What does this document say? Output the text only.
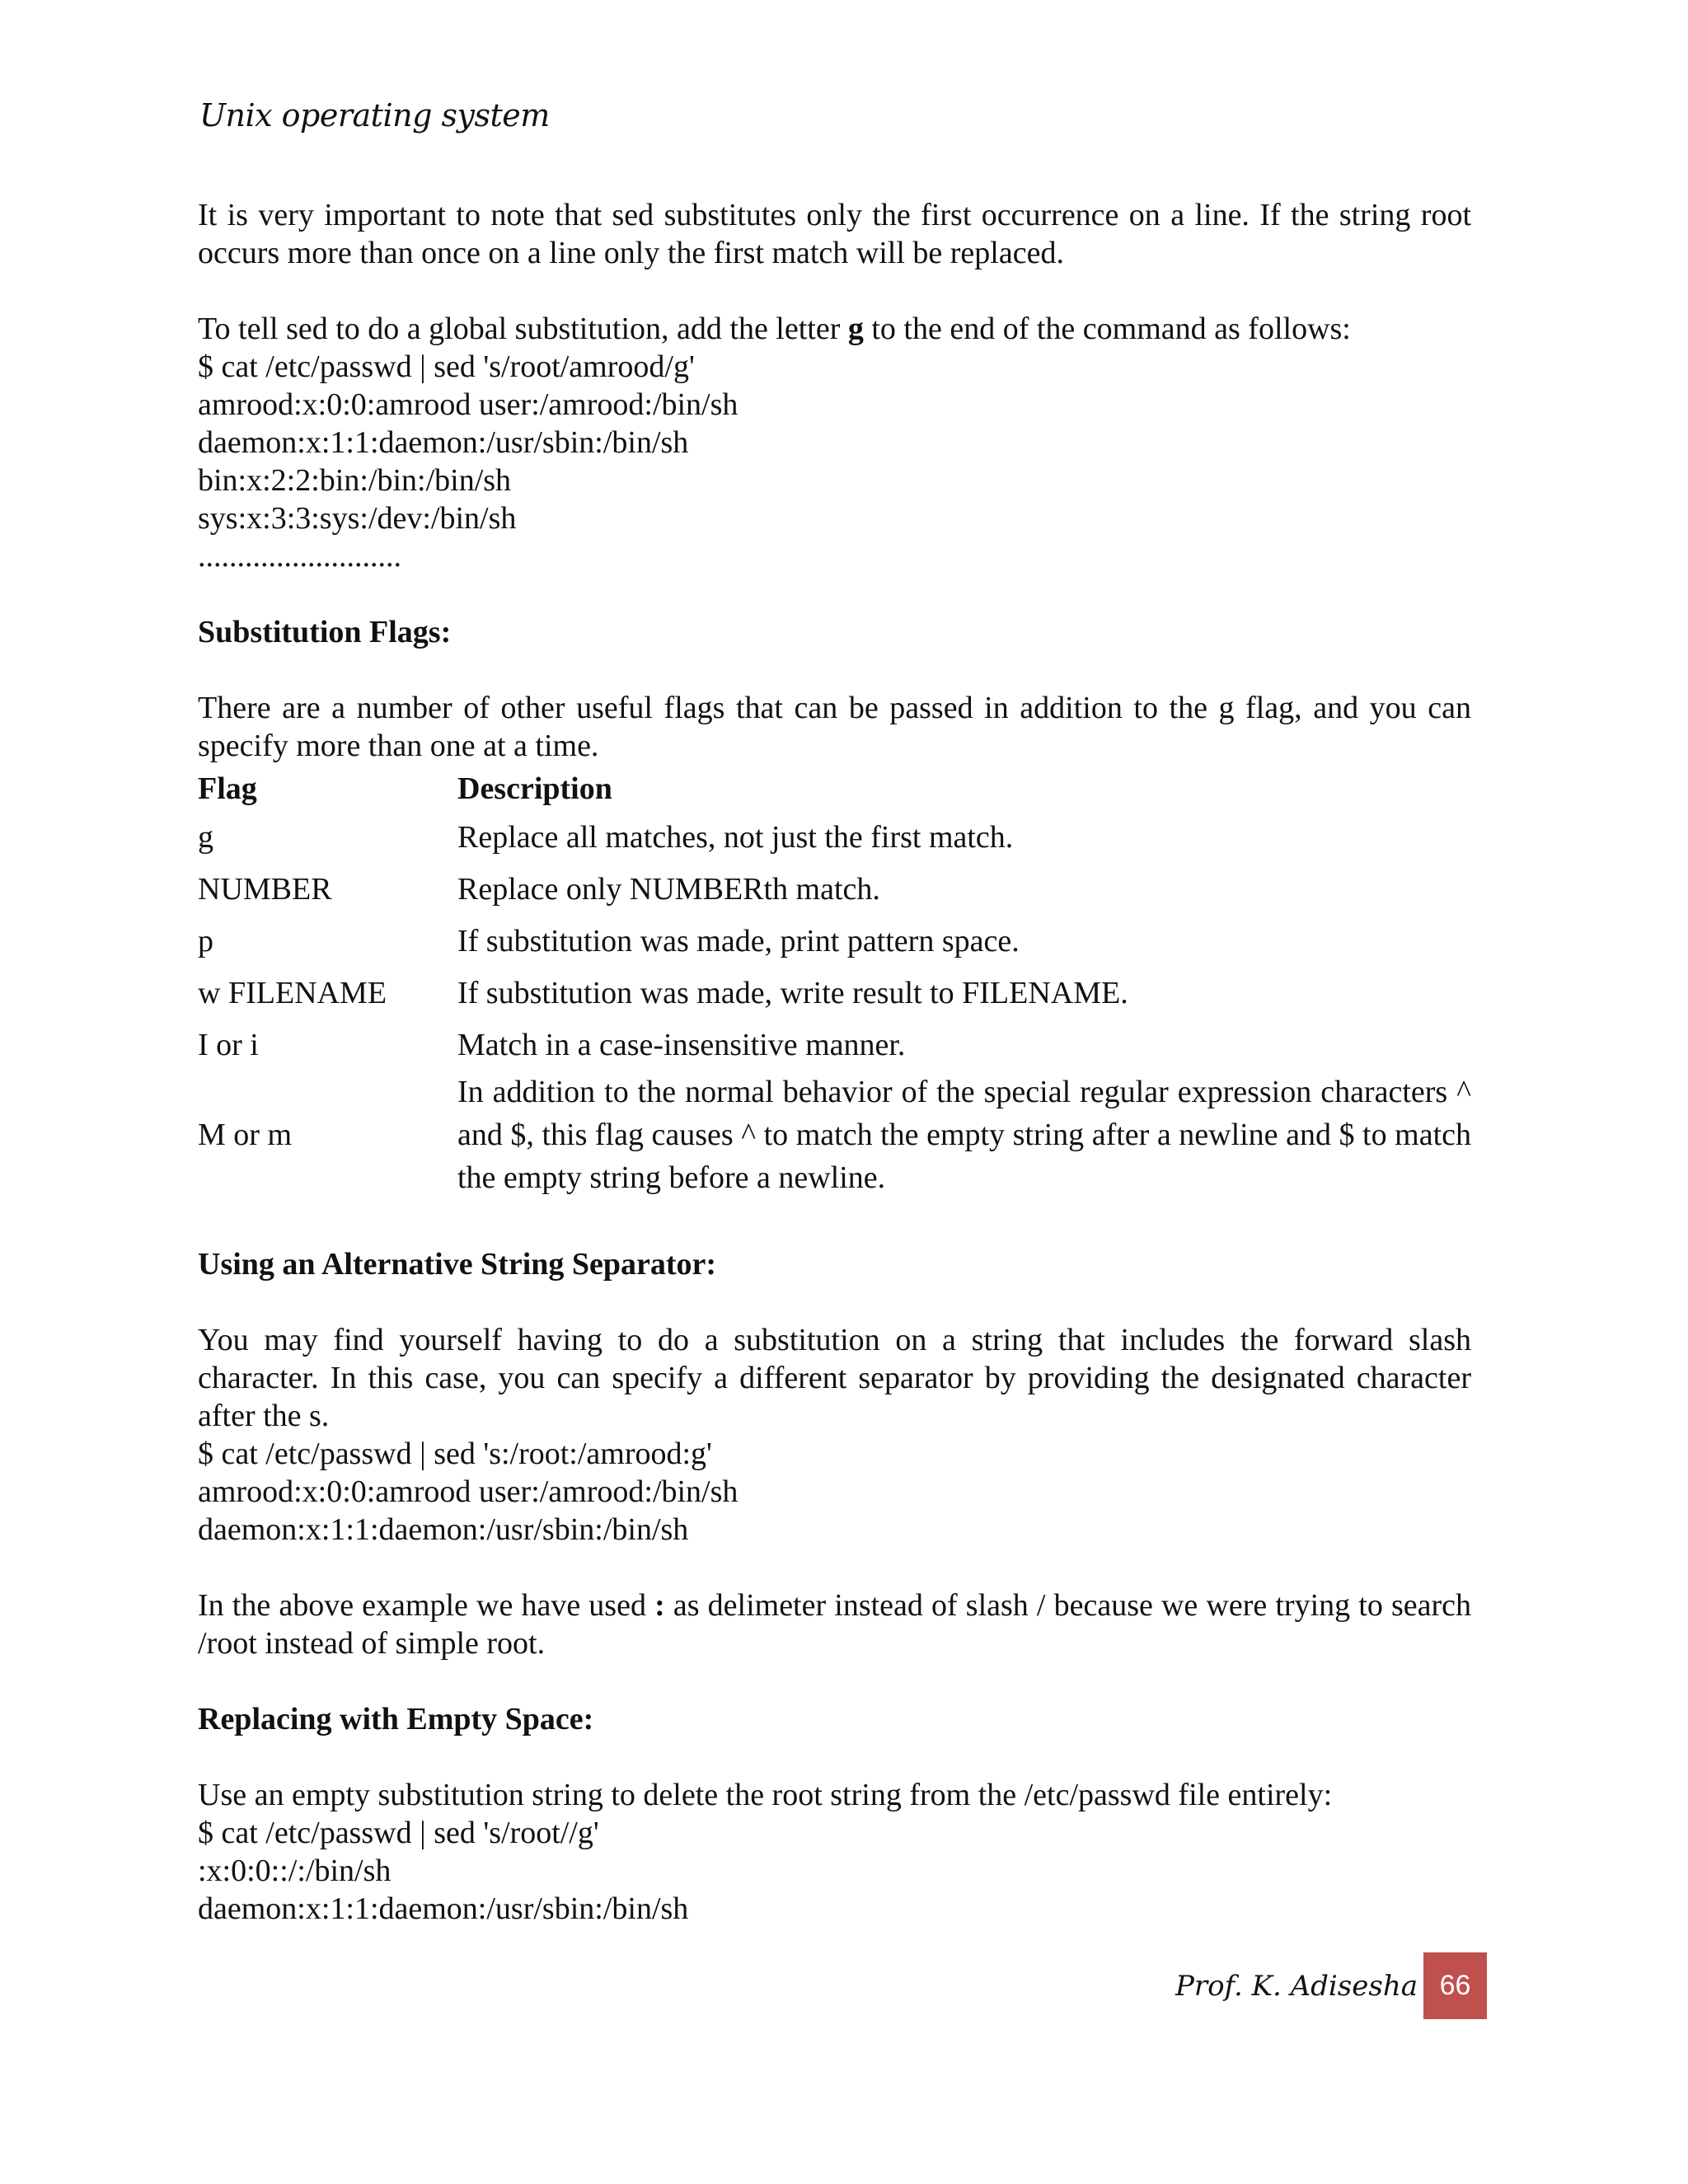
Unix operating system

It is very important to note that sed substitutes only the first occurrence on a line. If the string root occurs more than once on a line only the first match will be replaced.

To tell sed to do a global substitution, add the letter g to the end of the command as follows:

$ cat /etc/passwd | sed 's/root/amrood/g'
amrood:x:0:0:amrood user:/amrood:/bin/sh
daemon:x:1:1:daemon:/usr/sbin:/bin/sh
bin:x:2:2:bin:/bin:/bin/sh
sys:x:3:3:sys:/dev:/bin/sh
..........................
Substitution Flags:

There are a number of other useful flags that can be passed in addition to the g flag, and you can specify more than one at a time.

Flag	Description
g	Replace all matches, not just the first match.
NUMBER	Replace only NUMBERth match.
p	If substitution was made, print pattern space.
w FILENAME	If substitution was made, write result to FILENAME.
I or i	Match in a case-insensitive manner.
M or m	In addition to the normal behavior of the special regular expression characters ^ and $, this flag causes ^ to match the empty string after a newline and $ to match the empty string before a newline.
Using an Alternative String Separator:

You may find yourself having to do a substitution on a string that includes the forward slash character. In this case, you can specify a different separator by providing the designated character after the s.

$ cat /etc/passwd | sed 's:/root:/amrood:g'
amrood:x:0:0:amrood user:/amrood:/bin/sh
daemon:x:1:1:daemon:/usr/sbin:/bin/sh

In the above example we have used : as delimeter instead of slash / because we were trying to search /root instead of simple root.

Replacing with Empty Space:

Use an empty substitution string to delete the root string from the /etc/passwd file entirely:

$ cat /etc/passwd | sed 's/root//g'
:x:0:0::/:/bin/sh
daemon:x:1:1:daemon:/usr/sbin:/bin/sh
Prof. K. Adisesha 66
